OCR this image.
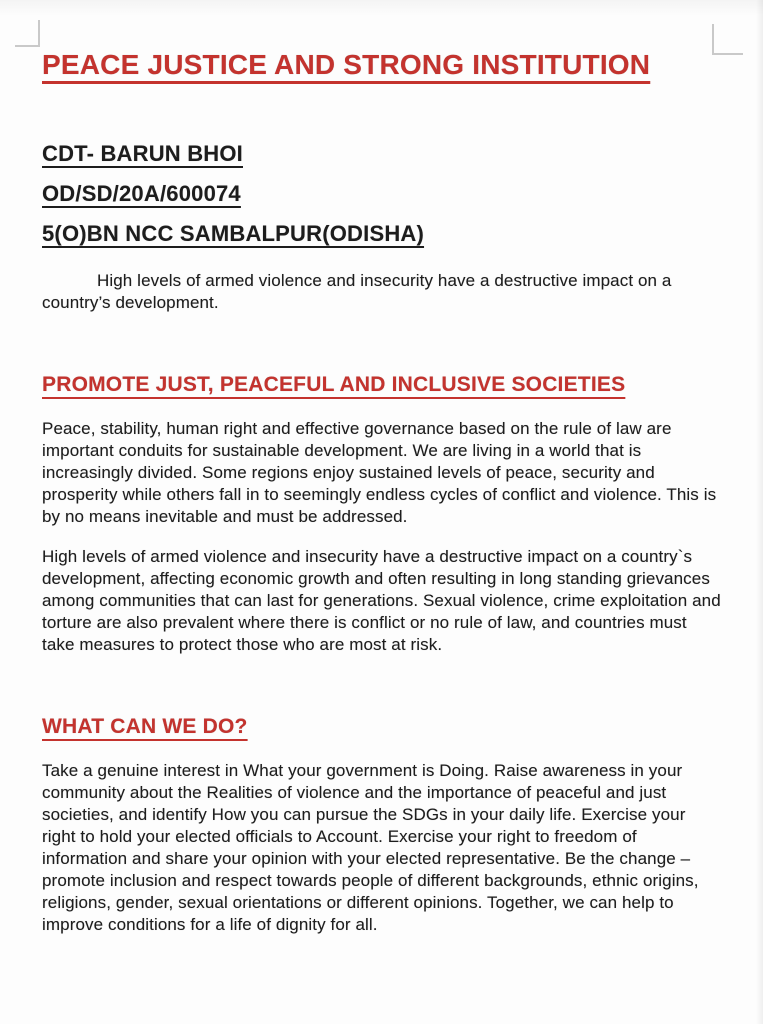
PEACE JUSTICE AND STRONG INSTITUTION
CDT- BARUN BHOI
OD/SD/20A/600074
5(O)BN NCC SAMBALPUR(ODISHA)

High levels of armed violence and insecurity have a destructive impact on a country’s development.

PROMOTE JUST, PEACEFUL AND INCLUSIVE SOCIETIES

Peace, stability, human right and effective governance based on the rule of law are important conduits for sustainable development. We are living in a world that is increasingly divided. Some regions enjoy sustained levels of peace, security and prosperity while others fall in to seemingly endless cycles of conflict and violence. This is by no means inevitable and must be addressed.

High levels of armed violence and insecurity have a destructive impact on a country`s development, affecting economic growth and often resulting in long standing grievances among communities that can last for generations. Sexual violence, crime exploitation and torture are also prevalent where there is conflict or no rule of law, and countries must take measures to protect those who are most at risk.

WHAT CAN WE DO?

Take a genuine interest in What your government is Doing. Raise awareness in your community about the Realities of violence and the importance of peaceful and just societies, and identify How you can pursue the SDGs in your daily life. Exercise your right to hold your elected officials to Account. Exercise your right to freedom of information and share your opinion with your elected representative. Be the change – promote inclusion and respect towards people of different backgrounds, ethnic origins, religions, gender, sexual orientations or different opinions. Together, we can help to improve conditions for a life of dignity for all.
